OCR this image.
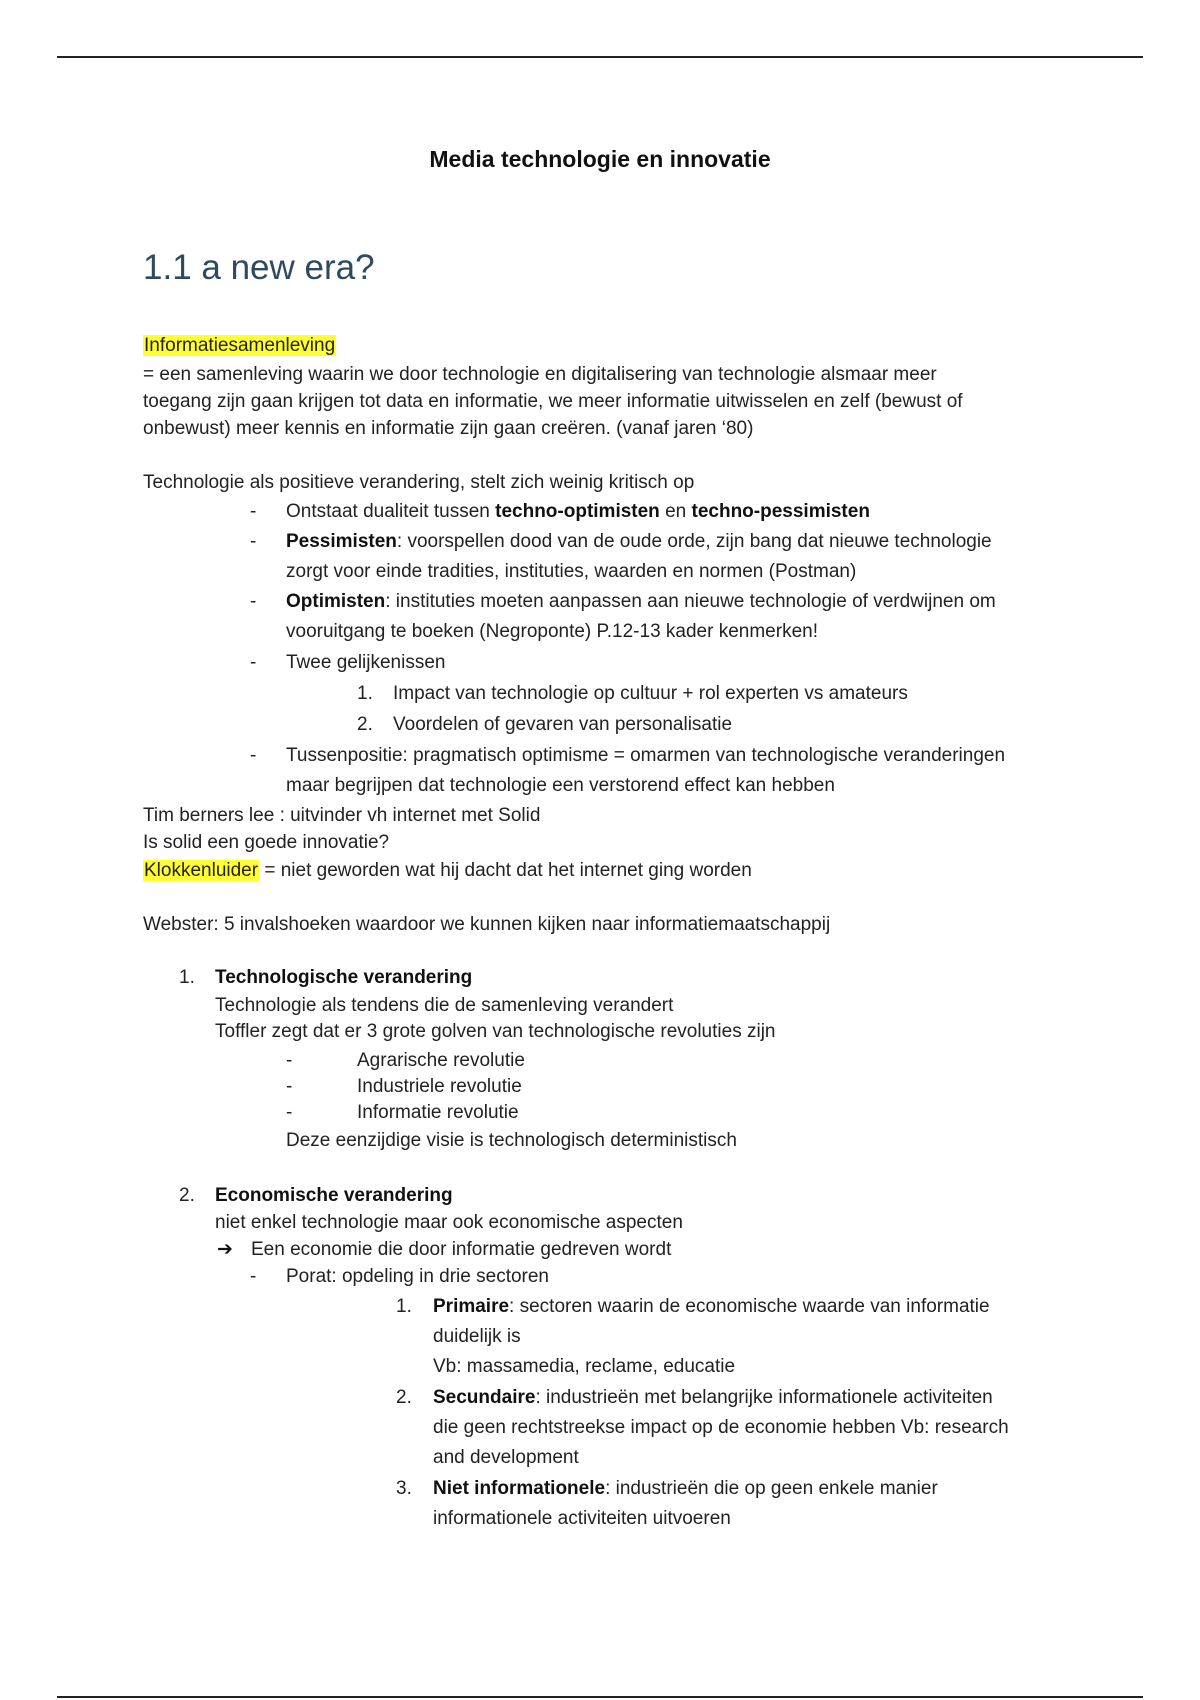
Media technologie en innovatie
1.1 a new era?
Informatiesamenleving
= een samenleving waarin we door technologie en digitalisering van technologie alsmaar meer
toegang zijn gaan krijgen tot data en informatie, we meer informatie uitwisselen en zelf (bewust of
onbewust) meer kennis en informatie zijn gaan creëren. (vanaf jaren ‘80)
Technologie als positieve verandering, stelt zich weinig kritisch op
- Ontstaat dualiteit tussen techno-optimisten en techno-pessimisten
- Pessimisten: voorspellen dood van de oude orde, zijn bang dat nieuwe technologie
zorgt voor einde tradities, instituties, waarden en normen (Postman)
- Optimisten: instituties moeten aanpassen aan nieuwe technologie of verdwijnen om
vooruitgang te boeken (Negroponte) P.12-13 kader kenmerken!
- Twee gelijkenissen
1. Impact van technologie op cultuur + rol experten vs amateurs
2. Voordelen of gevaren van personalisatie
- Tussenpositie: pragmatisch optimisme = omarmen van technologische veranderingen
maar begrijpen dat technologie een verstorend effect kan hebben
Tim berners lee : uitvinder vh internet met Solid
Is solid een goede innovatie?
Klokkenluider = niet geworden wat hij dacht dat het internet ging worden
Webster: 5 invalshoeken waardoor we kunnen kijken naar informatiemaatschappij
1. Technologische verandering
Technologie als tendens die de samenleving verandert
Toffler zegt dat er 3 grote golven van technologische revoluties zijn
-	Agrarische revolutie
-	Industriele revolutie
-	Informatie revolutie
Deze eenzijdige visie is technologisch deterministisch
2. Economische verandering
niet enkel technologie maar ook economische aspecten
➔ Een economie die door informatie gedreven wordt
- Porat: opdeling in drie sectoren
1. Primaire: sectoren waarin de economische waarde van informatie
duidelijk is
Vb: massamedia, reclame, educatie
2. Secundaire: industrieën met belangrijke informationele activiteiten
die geen rechtstreekse impact op de economie hebben Vb: research
and development
3. Niet informationele: industrieën die op geen enkele manier
informationele activiteiten uitvoeren
